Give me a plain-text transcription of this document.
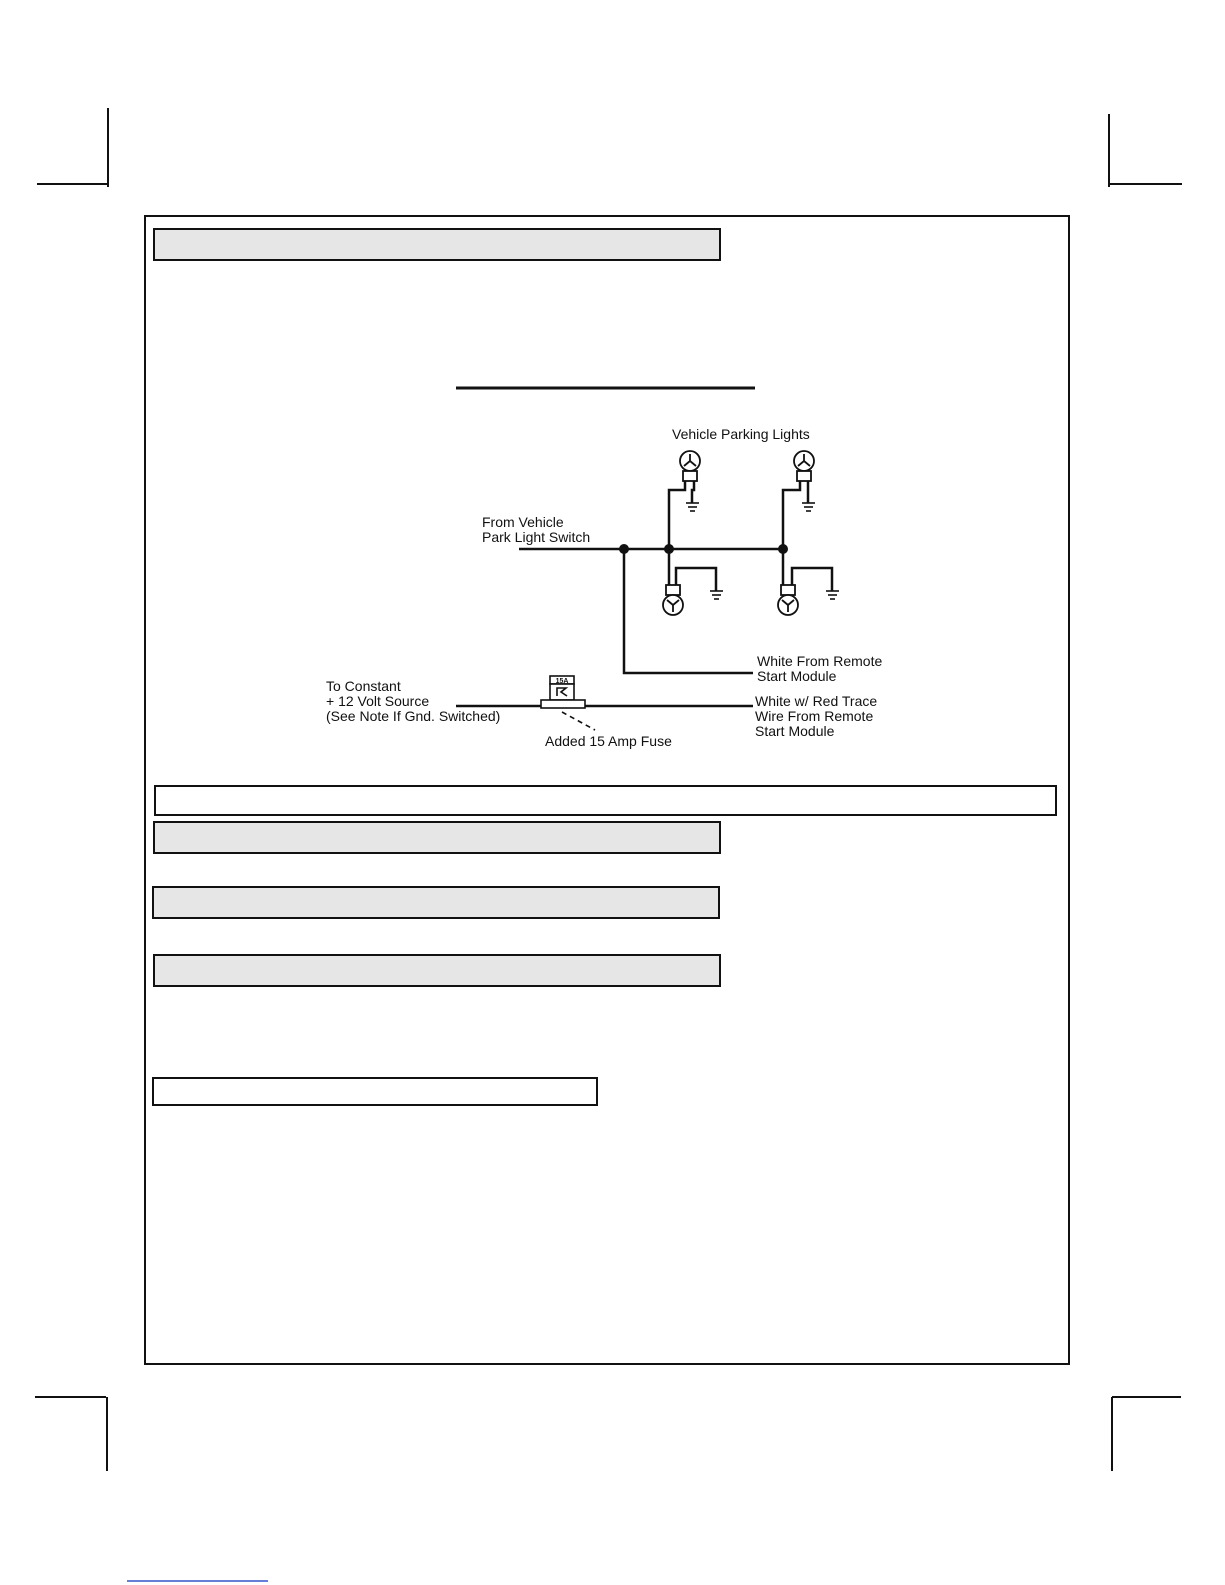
15A
Vehicle Parking Lights
From Vehicle
Park Light Switch
White From Remote
Start Module
To Constant
+ 12 Volt Source
(See Note If Gnd. Switched)
White w/ Red Trace
Wire From Remote
Start Module
Added 15 Amp Fuse
